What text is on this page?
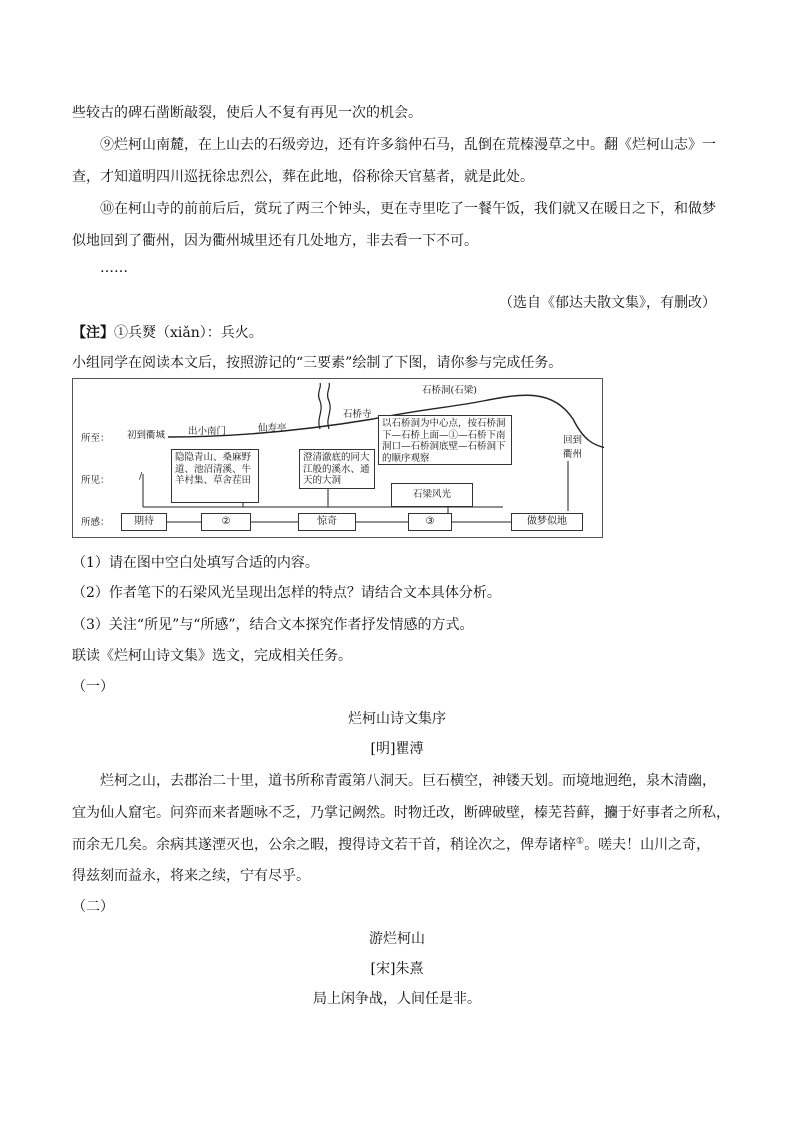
些较古的碑石凿断敲裂，使后人不复有再见一次的机会。
⑨烂柯山南麓，在上山去的石级旁边，还有许多翁仲石马，乱倒在荒榛漫草之中。翻《烂柯山志》一
查，才知道明四川巡抚徐忠烈公，葬在此地，俗称徐天官墓者，就是此处。
⑩在柯山寺的前前后后，赏玩了两三个钟头，更在寺里吃了一餐午饭，我们就又在暖日之下，和做梦
似地回到了衢州，因为衢州城里还有几处地方，非去看一下不可。
……
（选自《郁达夫散文集》，有删改）
【注】①兵燹（xiǎn）：兵火。
小组同学在阅读本文后，按照游记的“三要素”绘制了下图，请你参与完成任务。
所至：
所见：
所感：
初到衢城 出小南门	仙寿亭
石桥寺
石桥洞(石梁)
回到
衢州
/
隐隐青山、桑麻野道、池沼清溪、牛羊村集、草舍茬田
澄清澈底的同大江般的溪水、通天的大洞
以石桥洞为中心点，按石桥洞下—石桥上面—①—石桥下南洞口—石桥洞底壁—石桥洞下的顺序观察
石梁风光
期待	②	惊奇	③	做梦似地
（1）请在图中空白处填写合适的内容。
（2）作者笔下的石梁风光呈现出怎样的特点？请结合文本具体分析。
（3）关注“所见”与“所感”，结合文本探究作者抒发情感的方式。
联读《烂柯山诗文集》选文，完成相关任务。
（一）
烂柯山诗文集序
[明]瞿溥
烂柯之山，去郡治二十里，道书所称青霞第八洞天。巨石横空，神镂天划。而境地迥绝，泉木清幽，
宜为仙人窟宅。问弈而来者题咏不乏，乃掌记阙然。时物迁改，断碑破壁，榛芜苔藓，攟于好事者之所私，
而余无几矣。余病其遂湮灭也，公余之暇，搜得诗文若干首，稍诠次之，俾寿诸梓①。嗟夫！山川之奇，
得兹刻而益永，将来之续，宁有尽乎。
（二）
游烂柯山
[宋]朱熹
局上闲争战，人间任是非。
